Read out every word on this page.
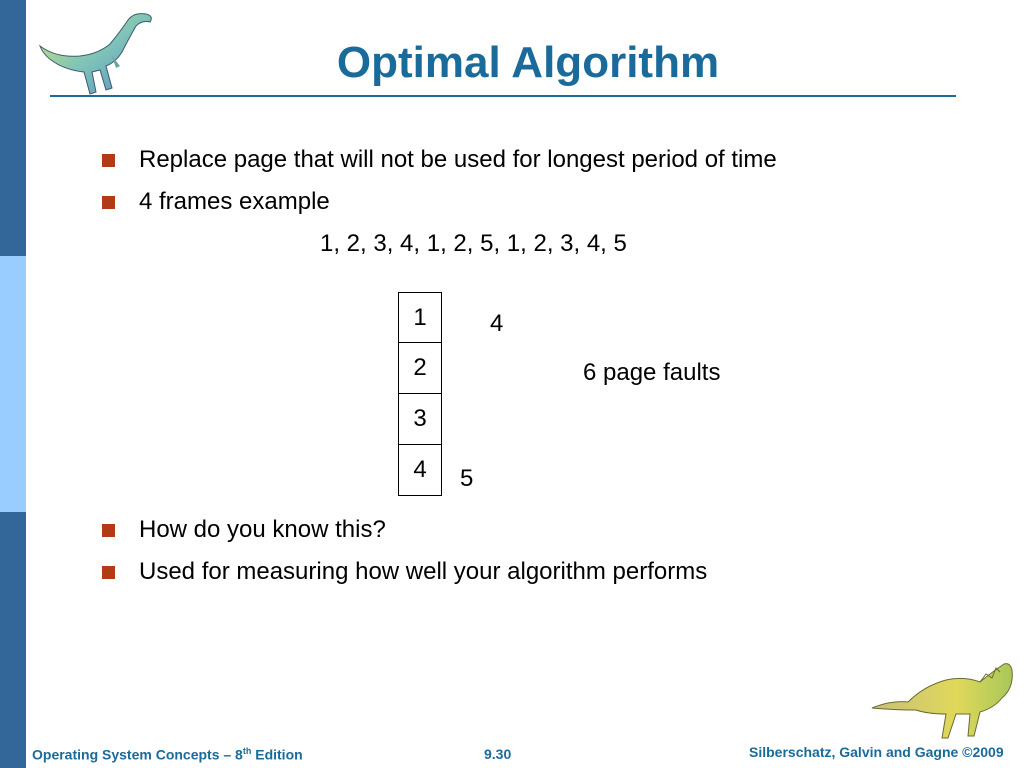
Optimal Algorithm
Replace page that will not be used for longest period of time
4 frames example
1, 2, 3, 4, 1, 2, 5, 1, 2, 3, 4, 5
1
2
3
4
4
6 page faults
5
How do you know this?
Used for measuring how well your algorithm performs
Operating System Concepts – 8th Edition	9.30	Silberschatz, Galvin and Gagne ©2009
